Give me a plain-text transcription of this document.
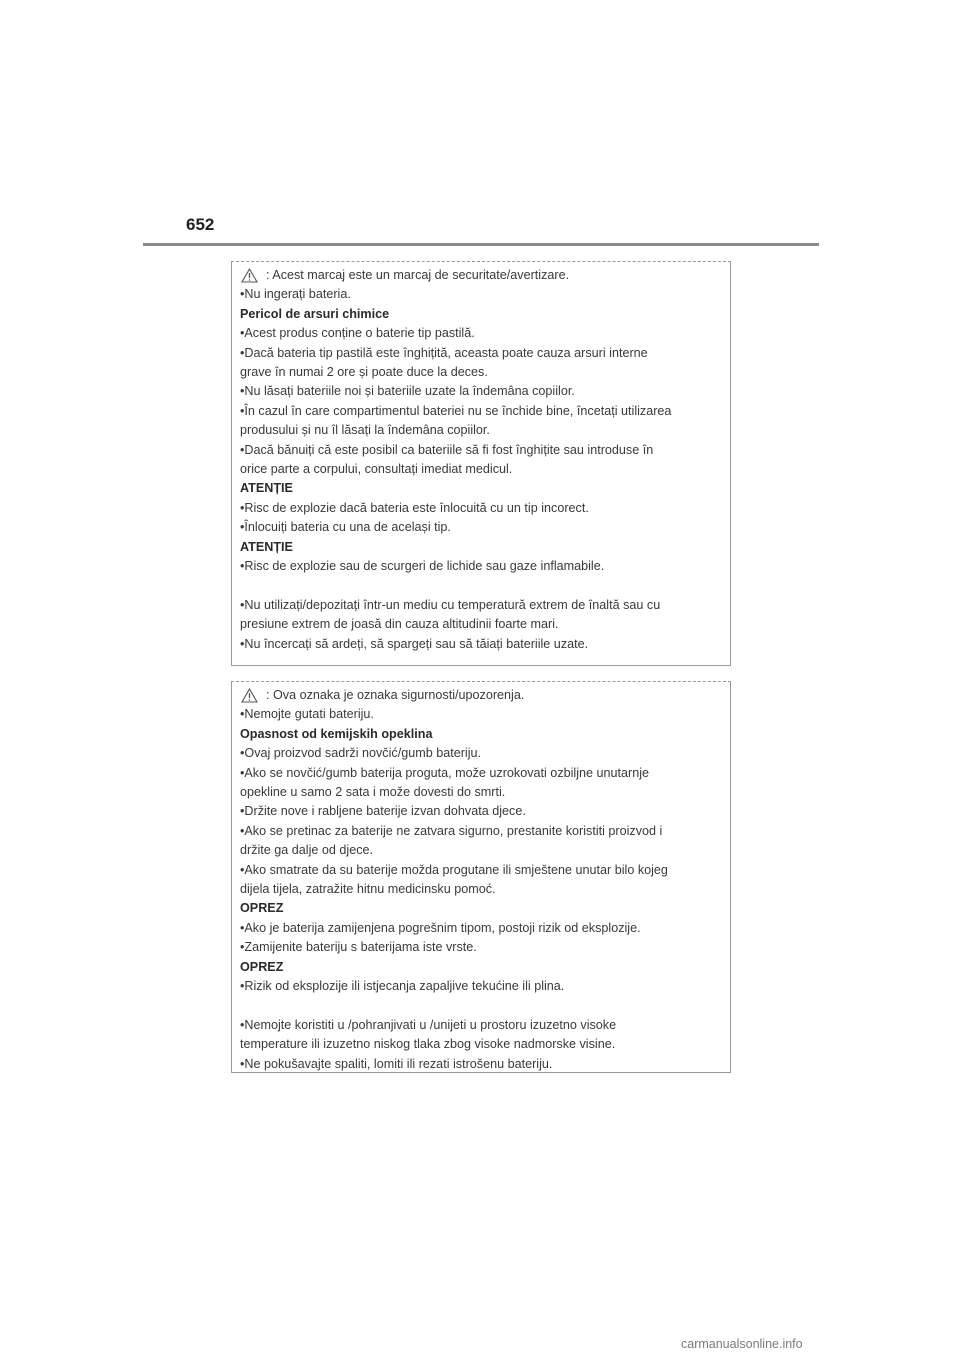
652
: Acest marcaj este un marcaj de securitate/avertizare.
•Nu ingerați bateria.
Pericol de arsuri chimice
•Acest produs conține o baterie tip pastilă.
•Dacă bateria tip pastilă este înghițită, aceasta poate cauza arsuri interne
grave în numai 2 ore și poate duce la deces.
•Nu lăsați bateriile noi și bateriile uzate la îndemâna copiilor.
•În cazul în care compartimentul bateriei nu se închide bine, încetați utilizarea
produsului și nu îl lăsați la îndemâna copiilor.
•Dacă bănuiți că este posibil ca bateriile să fi fost înghițite sau introduse în
orice parte a corpului, consultați imediat medicul.
ATENȚIE
•Risc de explozie dacă bateria este înlocuită cu un tip incorect.
•Înlocuiți bateria cu una de același tip.
ATENȚIE
•Risc de explozie sau de scurgeri de lichide sau gaze inflamabile.
•Nu utilizați/depozitați într-un mediu cu temperatură extrem de înaltă sau cu
presiune extrem de joasă din cauza altitudinii foarte mari.
•Nu încercați să ardeți, să spargeți sau să tăiați bateriile uzate.
: Ova oznaka je oznaka sigurnosti/upozorenja.
•Nemojte gutati bateriju.
Opasnost od kemijskih opeklina
•Ovaj proizvod sadrži novčić/gumb bateriju.
•Ako se novčić/gumb baterija proguta, može uzrokovati ozbiljne unutarnje
opekline u samo 2 sata i može dovesti do smrti.
•Držite nove i rabljene baterije izvan dohvata djece.
•Ako se pretinac za baterije ne zatvara sigurno, prestanite koristiti proizvod i
držite ga dalje od djece.
•Ako smatrate da su baterije možda progutane ili smještene unutar bilo kojeg
dijela tijela, zatražite hitnu medicinsku pomoć.
OPREZ
•Ako je baterija zamijenjena pogrešnim tipom, postoji rizik od eksplozije.
•Zamijenite bateriju s baterijama iste vrste.
OPREZ
•Rizik od eksplozije ili istjecanja zapaljive tekućine ili plina.
•Nemojte koristiti u /pohranjivati u /unijeti u prostoru izuzetno visoke
temperature ili izuzetno niskog tlaka zbog visoke nadmorske visine.
•Ne pokušavajte spaliti, lomiti ili rezati istrošenu bateriju.
carmanualsonline.info
